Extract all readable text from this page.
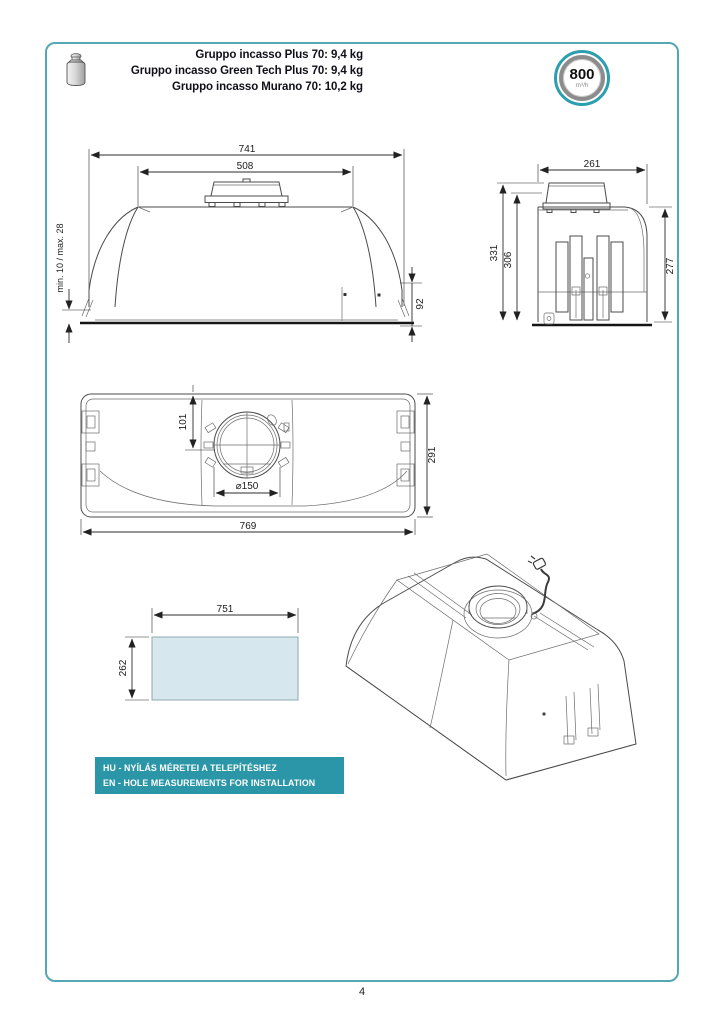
Gruppo incasso Plus 70: 9,4 kg
Gruppo incasso Green Tech Plus 70: 9,4 kg
Gruppo incasso Murano 70: 10,2 kg
800
m³/h
741
508
min. 10 / max. 28
92
261
331 306	277
101
⌀150
291
769
751
262
HU - NYÍLÁS MÉRETEI A TELEPÍTÉSHEZ
EN - HOLE MEASUREMENTS FOR INSTALLATION
4
